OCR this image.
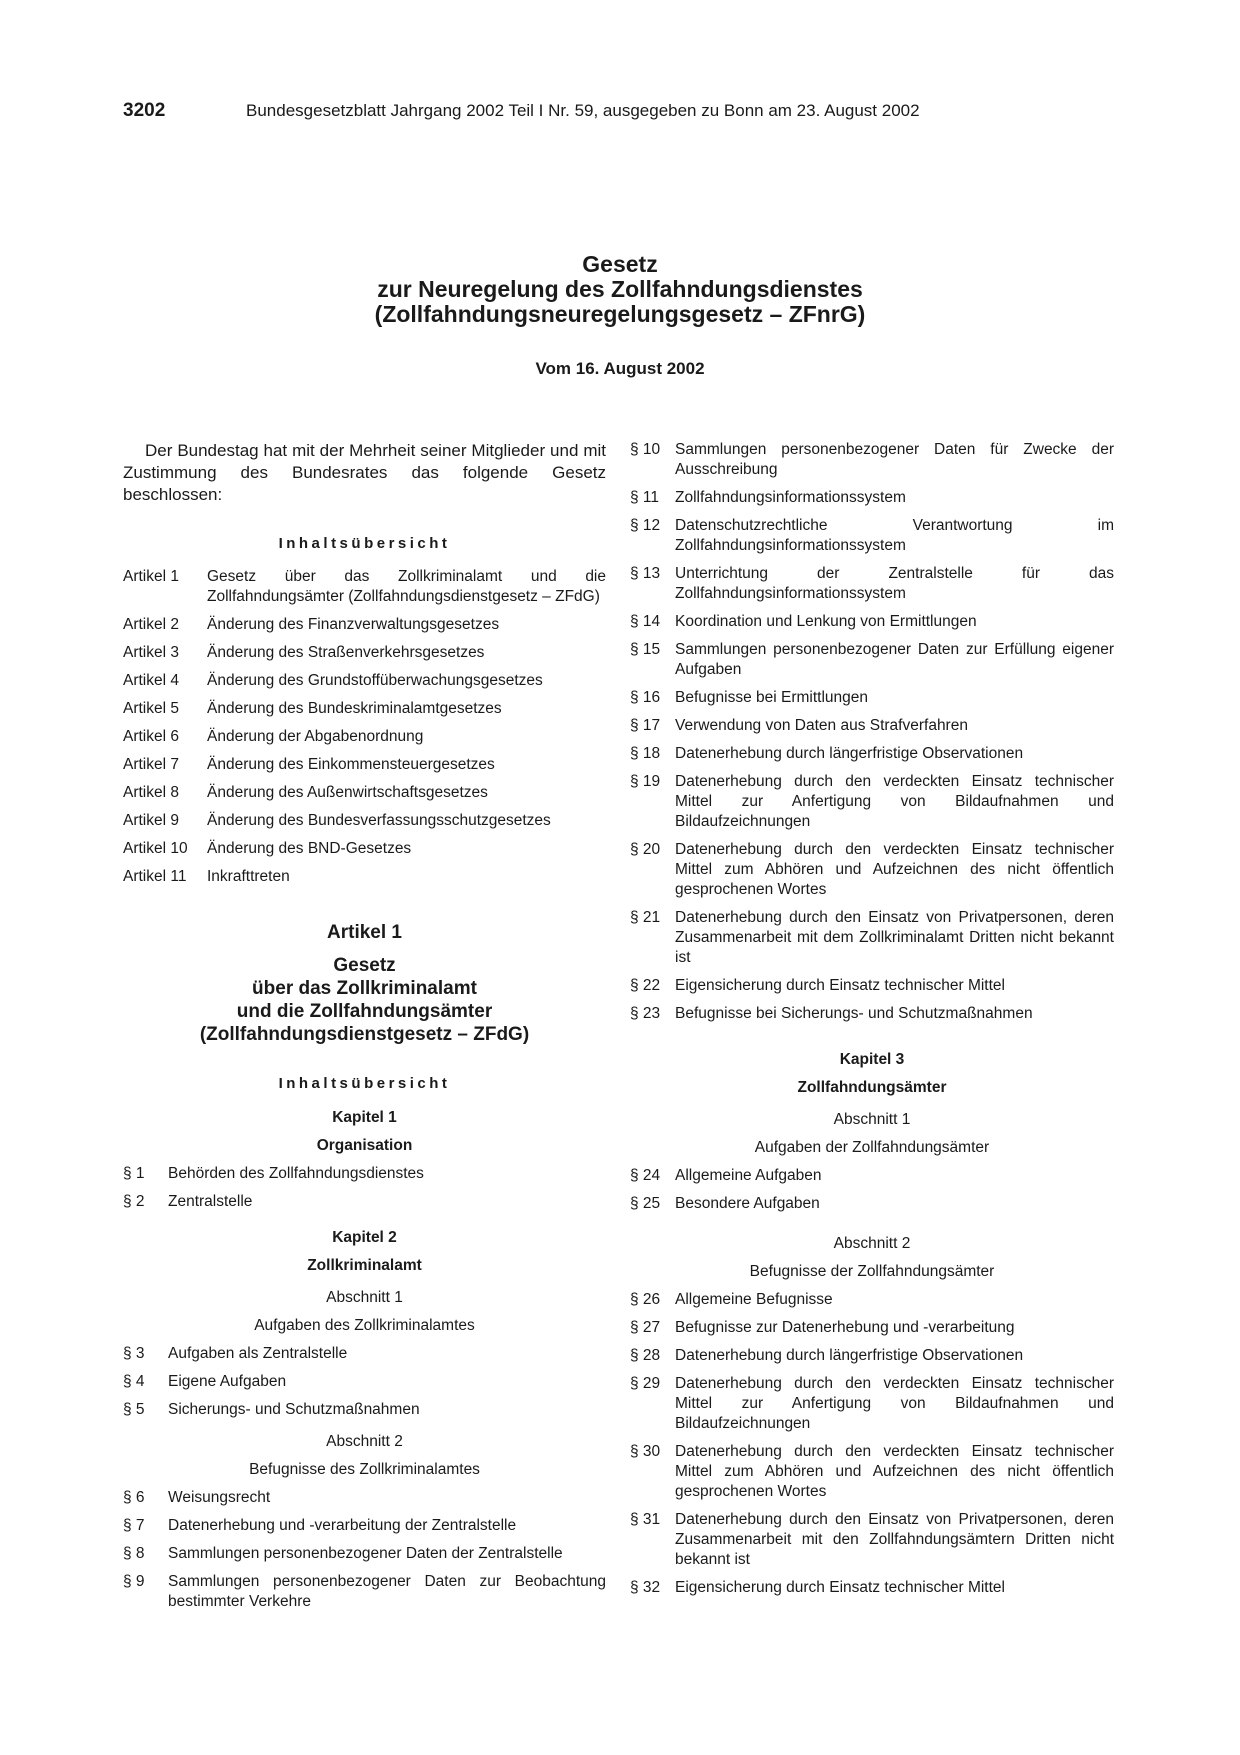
3202	Bundesgesetzblatt Jahrgang 2002 Teil I Nr. 59, ausgegeben zu Bonn am 23. August 2002
Gesetz
zur Neuregelung des Zollfahndungsdienstes
(Zollfahndungsneuregelungsgesetz – ZFnrG)
Vom 16. August 2002

Der Bundestag hat mit der Mehrheit seiner Mitglieder und mit Zustimmung des Bundesrates das folgende Gesetz beschlossen:

Inhaltsübersicht
Artikel 1	Gesetz über das Zollkriminalamt und die Zollfahndungsämter (Zollfahndungsdienstgesetz – ZFdG)
Artikel 2	Änderung des Finanzverwaltungsgesetzes
Artikel 3	Änderung des Straßenverkehrsgesetzes
Artikel 4	Änderung des Grundstoffüberwachungsgesetzes
Artikel 5	Änderung des Bundeskriminalamtgesetzes
Artikel 6	Änderung der Abgabenordnung
Artikel 7	Änderung des Einkommensteuergesetzes
Artikel 8	Änderung des Außenwirtschaftsgesetzes
Artikel 9	Änderung des Bundesverfassungsschutzgesetzes
Artikel 10	Änderung des BND-Gesetzes
Artikel 11	Inkrafttreten
Artikel 1
Gesetz
über das Zollkriminalamt
und die Zollfahndungsämter
(Zollfahndungsdienstgesetz – ZFdG)
Inhaltsübersicht
Kapitel 1
Organisation
§ 1	Behörden des Zollfahndungsdienstes
§ 2	Zentralstelle
Kapitel 2
Zollkriminalamt
Abschnitt 1
Aufgaben des Zollkriminalamtes
§ 3	Aufgaben als Zentralstelle
§ 4	Eigene Aufgaben
§ 5	Sicherungs- und Schutzmaßnahmen
Abschnitt 2
Befugnisse des Zollkriminalamtes
§ 6	Weisungsrecht
§ 7	Datenerhebung und -verarbeitung der Zentralstelle
§ 8	Sammlungen personenbezogener Daten der Zentralstelle
§ 9	Sammlungen personenbezogener Daten zur Beobachtung bestimmter Verkehre
§ 10 Sammlungen personenbezogener Daten für Zwecke der Ausschreibung
§ 11	Zollfahndungsinformationssystem
§ 12 Datenschutzrechtliche Verantwortung im Zollfahndungsinformationssystem
§ 13 Unterrichtung der Zentralstelle für das Zollfahndungsinformationssystem
§ 14 Koordination und Lenkung von Ermittlungen
§ 15 Sammlungen personenbezogener Daten zur Erfüllung eigener Aufgaben
§ 16 Befugnisse bei Ermittlungen
§ 17 Verwendung von Daten aus Strafverfahren
§ 18 Datenerhebung durch längerfristige Observationen
§ 19 Datenerhebung durch den verdeckten Einsatz technischer Mittel zur Anfertigung von Bildaufnahmen und Bildaufzeichnungen
§ 20 Datenerhebung durch den verdeckten Einsatz technischer Mittel zum Abhören und Aufzeichnen des nicht öffentlich gesprochenen Wortes
§ 21 Datenerhebung durch den Einsatz von Privatpersonen, deren Zusammenarbeit mit dem Zollkriminalamt Dritten nicht bekannt ist
§ 22 Eigensicherung durch Einsatz technischer Mittel
§ 23 Befugnisse bei Sicherungs- und Schutzmaßnahmen
Kapitel 3
Zollfahndungsämter
Abschnitt 1
Aufgaben der Zollfahndungsämter
§ 24 Allgemeine Aufgaben
§ 25 Besondere Aufgaben
Abschnitt 2
Befugnisse der Zollfahndungsämter
§ 26 Allgemeine Befugnisse
§ 27 Befugnisse zur Datenerhebung und -verarbeitung
§ 28 Datenerhebung durch längerfristige Observationen
§ 29 Datenerhebung durch den verdeckten Einsatz technischer Mittel zur Anfertigung von Bildaufnahmen und Bildaufzeichnungen
§ 30 Datenerhebung durch den verdeckten Einsatz technischer Mittel zum Abhören und Aufzeichnen des nicht öffentlich gesprochenen Wortes
§ 31 Datenerhebung durch den Einsatz von Privatpersonen, deren Zusammenarbeit mit den Zollfahndungsämtern Dritten nicht bekannt ist
§ 32 Eigensicherung durch Einsatz technischer Mittel
